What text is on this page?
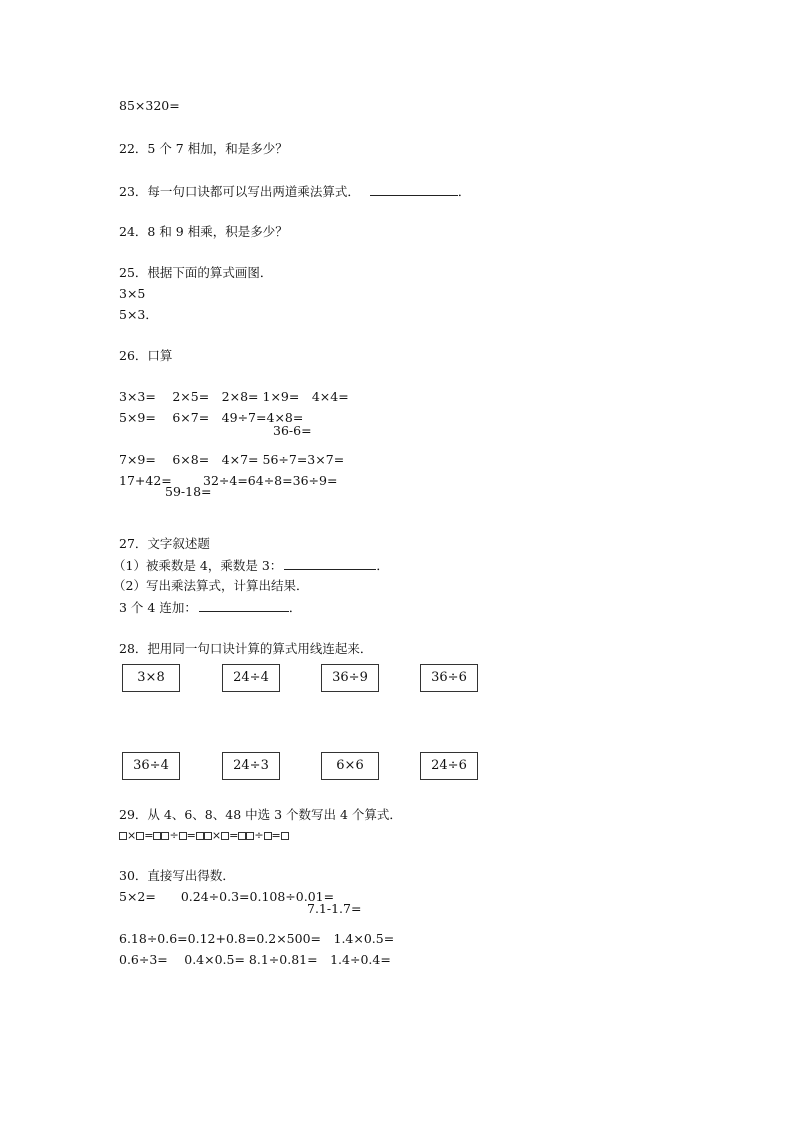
85×320=
22．5 个 7 相加，和是多少？
23．每一句口诀都可以写出两道乘法算式．	．
24．8 和 9 相乘，积是多少？
25．根据下面的算式画图．
3×5
5×3．
26．口算
3×3=　 2×5=　2×8= 1×9=　4×4=
5×9=　 6×7=　49÷7=4×8=
36-6=
7×9=　 6×8=　4×7= 56÷7=3×7=
17+42=
59-18=
32÷4=64÷8=36÷9=
27．文字叙述题
（1）被乘数是 4，乘数是 3：	．
（2）写出乘法算式，计算出结果．
3 个 4 连加：	．
28．把用同一句口诀计算的算式用线连起来．
3×8	24÷4	36÷9	36÷6
36÷4	24÷3	6×6	24÷6
29．从 4、6、8、48 中选 3 个数写出 4 个算式．
× = ÷ = × = ÷ =
30．直接写出得数．
5×2=　　0.24÷0.3=0.108÷0.01=
7.1-1.7=
6.18÷0.6=0.12+0.8=0.2×500=　1.4×0.5=
0.6÷3=　 0.4×0.5= 8.1÷0.81=　1.4÷0.4=
